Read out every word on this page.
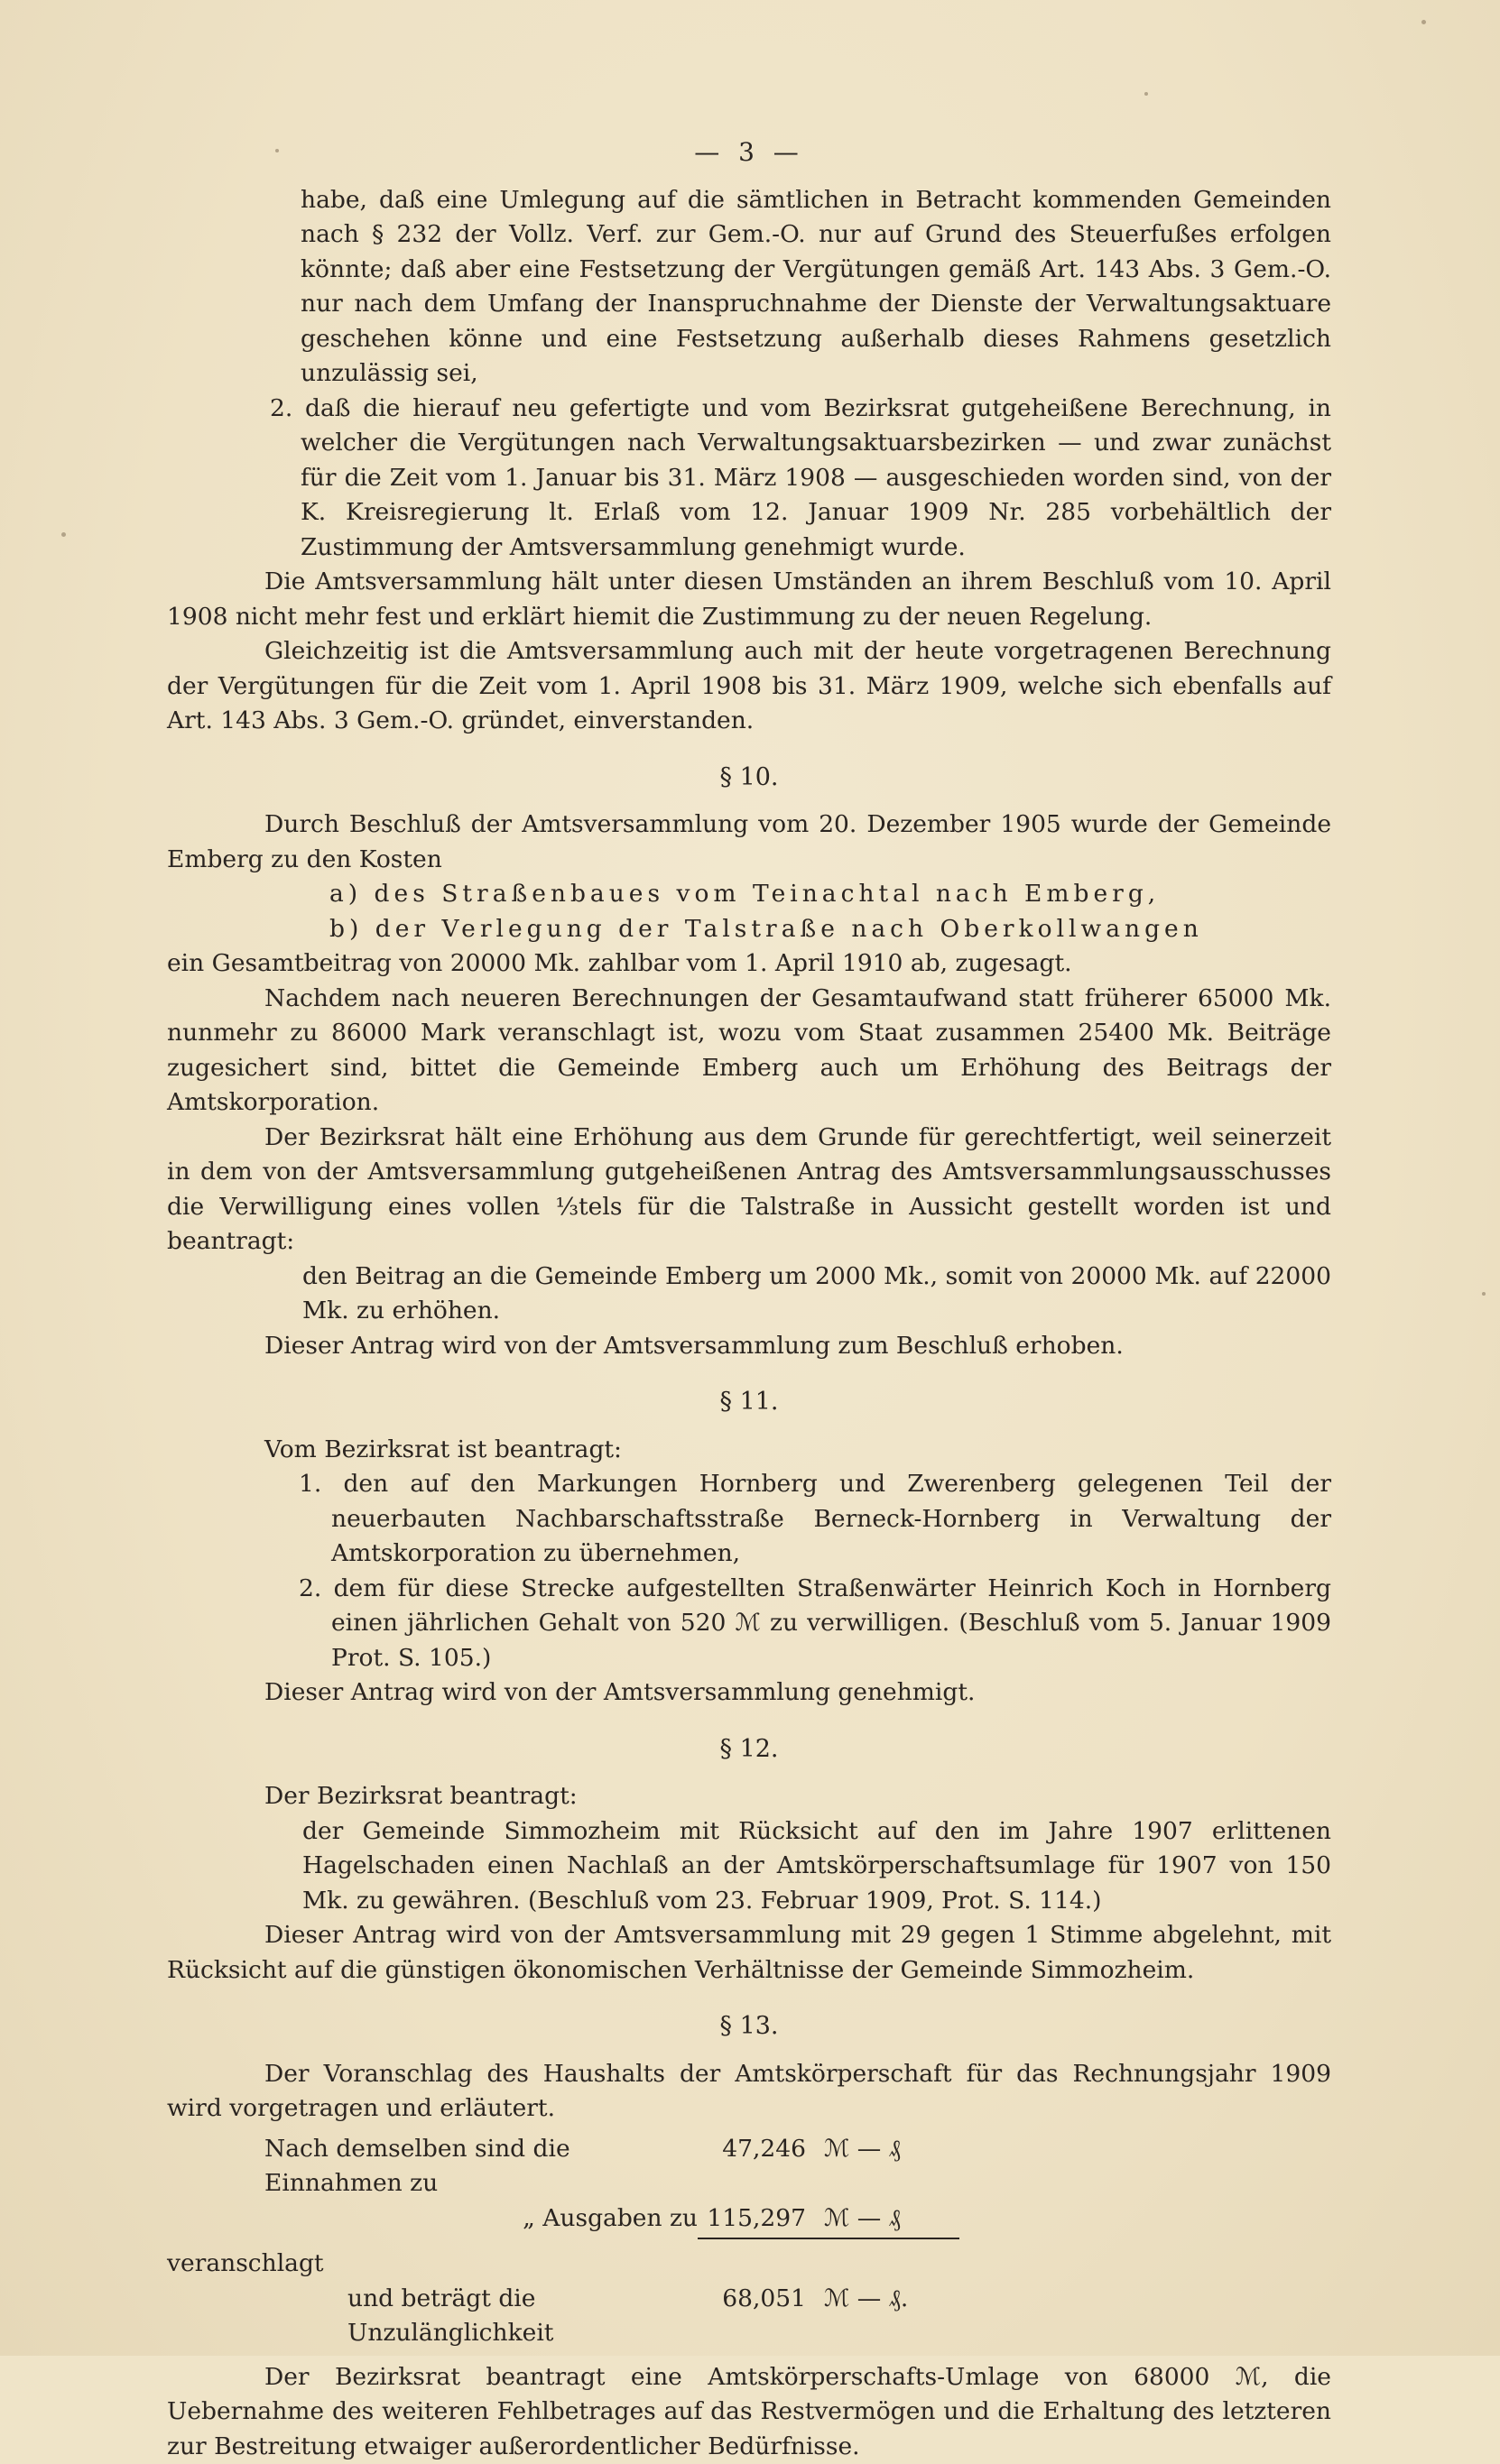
— 3 —

habe, daß eine Umlegung auf die sämtlichen in Betracht kommenden Gemeinden nach § 232 der Vollz. Verf. zur Gem.-O. nur auf Grund des Steuerfußes erfolgen könnte; daß aber eine Festsetzung der Vergütungen gemäß Art. 143 Abs. 3 Gem.-O. nur nach dem Umfang der Inanspruchnahme der Dienste der Verwaltungsaktuare geschehen könne und eine Festsetzung außerhalb dieses Rahmens gesetzlich unzulässig sei,

2. daß die hierauf neu gefertigte und vom Bezirksrat gutgeheißene Berechnung, in welcher die Vergütungen nach Verwaltungsaktuarsbezirken — und zwar zunächst für die Zeit vom 1. Januar bis 31. März 1908 — ausgeschieden worden sind, von der K. Kreisregierung lt. Erlaß vom 12. Januar 1909 Nr. 285 vorbehältlich der Zustimmung der Amtsversammlung genehmigt wurde.

Die Amtsversammlung hält unter diesen Umständen an ihrem Beschluß vom 10. April 1908 nicht mehr fest und erklärt hiemit die Zustimmung zu der neuen Regelung.

Gleichzeitig ist die Amtsversammlung auch mit der heute vorgetragenen Berechnung der Vergütungen für die Zeit vom 1. April 1908 bis 31. März 1909, welche sich ebenfalls auf Art. 143 Abs. 3 Gem.-O. gründet, einverstanden.

§ 10.

Durch Beschluß der Amtsversammlung vom 20. Dezember 1905 wurde der Gemeinde Emberg zu den Kosten

a) des Straßenbaues vom Teinachtal nach Emberg,

b) der Verlegung der Talstraße nach Oberkollwangen

ein Gesamtbeitrag von 20000 Mk. zahlbar vom 1. April 1910 ab, zugesagt.

Nachdem nach neueren Berechnungen der Gesamtaufwand statt früherer 65000 Mk. nunmehr zu 86000 Mark veranschlagt ist, wozu vom Staat zusammen 25400 Mk. Beiträge zugesichert sind, bittet die Gemeinde Emberg auch um Erhöhung des Beitrags der Amtskorporation.

Der Bezirksrat hält eine Erhöhung aus dem Grunde für gerechtfertigt, weil seinerzeit in dem von der Amtsversammlung gutgeheißenen Antrag des Amtsversammlungsausschusses die Verwilligung eines vollen ⅓tels für die Talstraße in Aussicht gestellt worden ist und beantragt:

den Beitrag an die Gemeinde Emberg um 2000 Mk., somit von 20000 Mk. auf 22000 Mk. zu erhöhen.

Dieser Antrag wird von der Amtsversammlung zum Beschluß erhoben.

§ 11.

Vom Bezirksrat ist beantragt:

1. den auf den Markungen Hornberg und Zwerenberg gelegenen Teil der neuerbauten Nachbarschaftsstraße Berneck-Hornberg in Verwaltung der Amtskorporation zu übernehmen,

2. dem für diese Strecke aufgestellten Straßenwärter Heinrich Koch in Hornberg einen jährlichen Gehalt von 520 ℳ zu verwilligen. (Beschluß vom 5. Januar 1909 Prot. S. 105.)

Dieser Antrag wird von der Amtsversammlung genehmigt.

§ 12.

Der Bezirksrat beantragt:

der Gemeinde Simmozheim mit Rücksicht auf den im Jahre 1907 erlittenen Hagelschaden einen Nachlaß an der Amtskörperschaftsumlage für 1907 von 150 Mk. zu gewähren. (Beschluß vom 23. Februar 1909, Prot. S. 114.)

Dieser Antrag wird von der Amtsversammlung mit 29 gegen 1 Stimme abgelehnt, mit Rücksicht auf die günstigen ökonomischen Verhältnisse der Gemeinde Simmozheim.

§ 13.

Der Voranschlag des Haushalts der Amtskörperschaft für das Rechnungsjahr 1909 wird vorgetragen und erläutert.

Nach demselben sind die Einnahmen zu
47,246 ℳ — ₰
„ Ausgaben zu 115,297 ℳ — ₰

veranschlagt

und beträgt die Unzulänglichkeit
68,051 ℳ — ₰.

Der Bezirksrat beantragt eine Amtskörperschafts-Umlage von 68000 ℳ, die Uebernahme des weiteren Fehlbetrages auf das Restvermögen und die Erhaltung des letzteren zur Bestreitung etwaiger außerordentlicher Bedürfnisse.
